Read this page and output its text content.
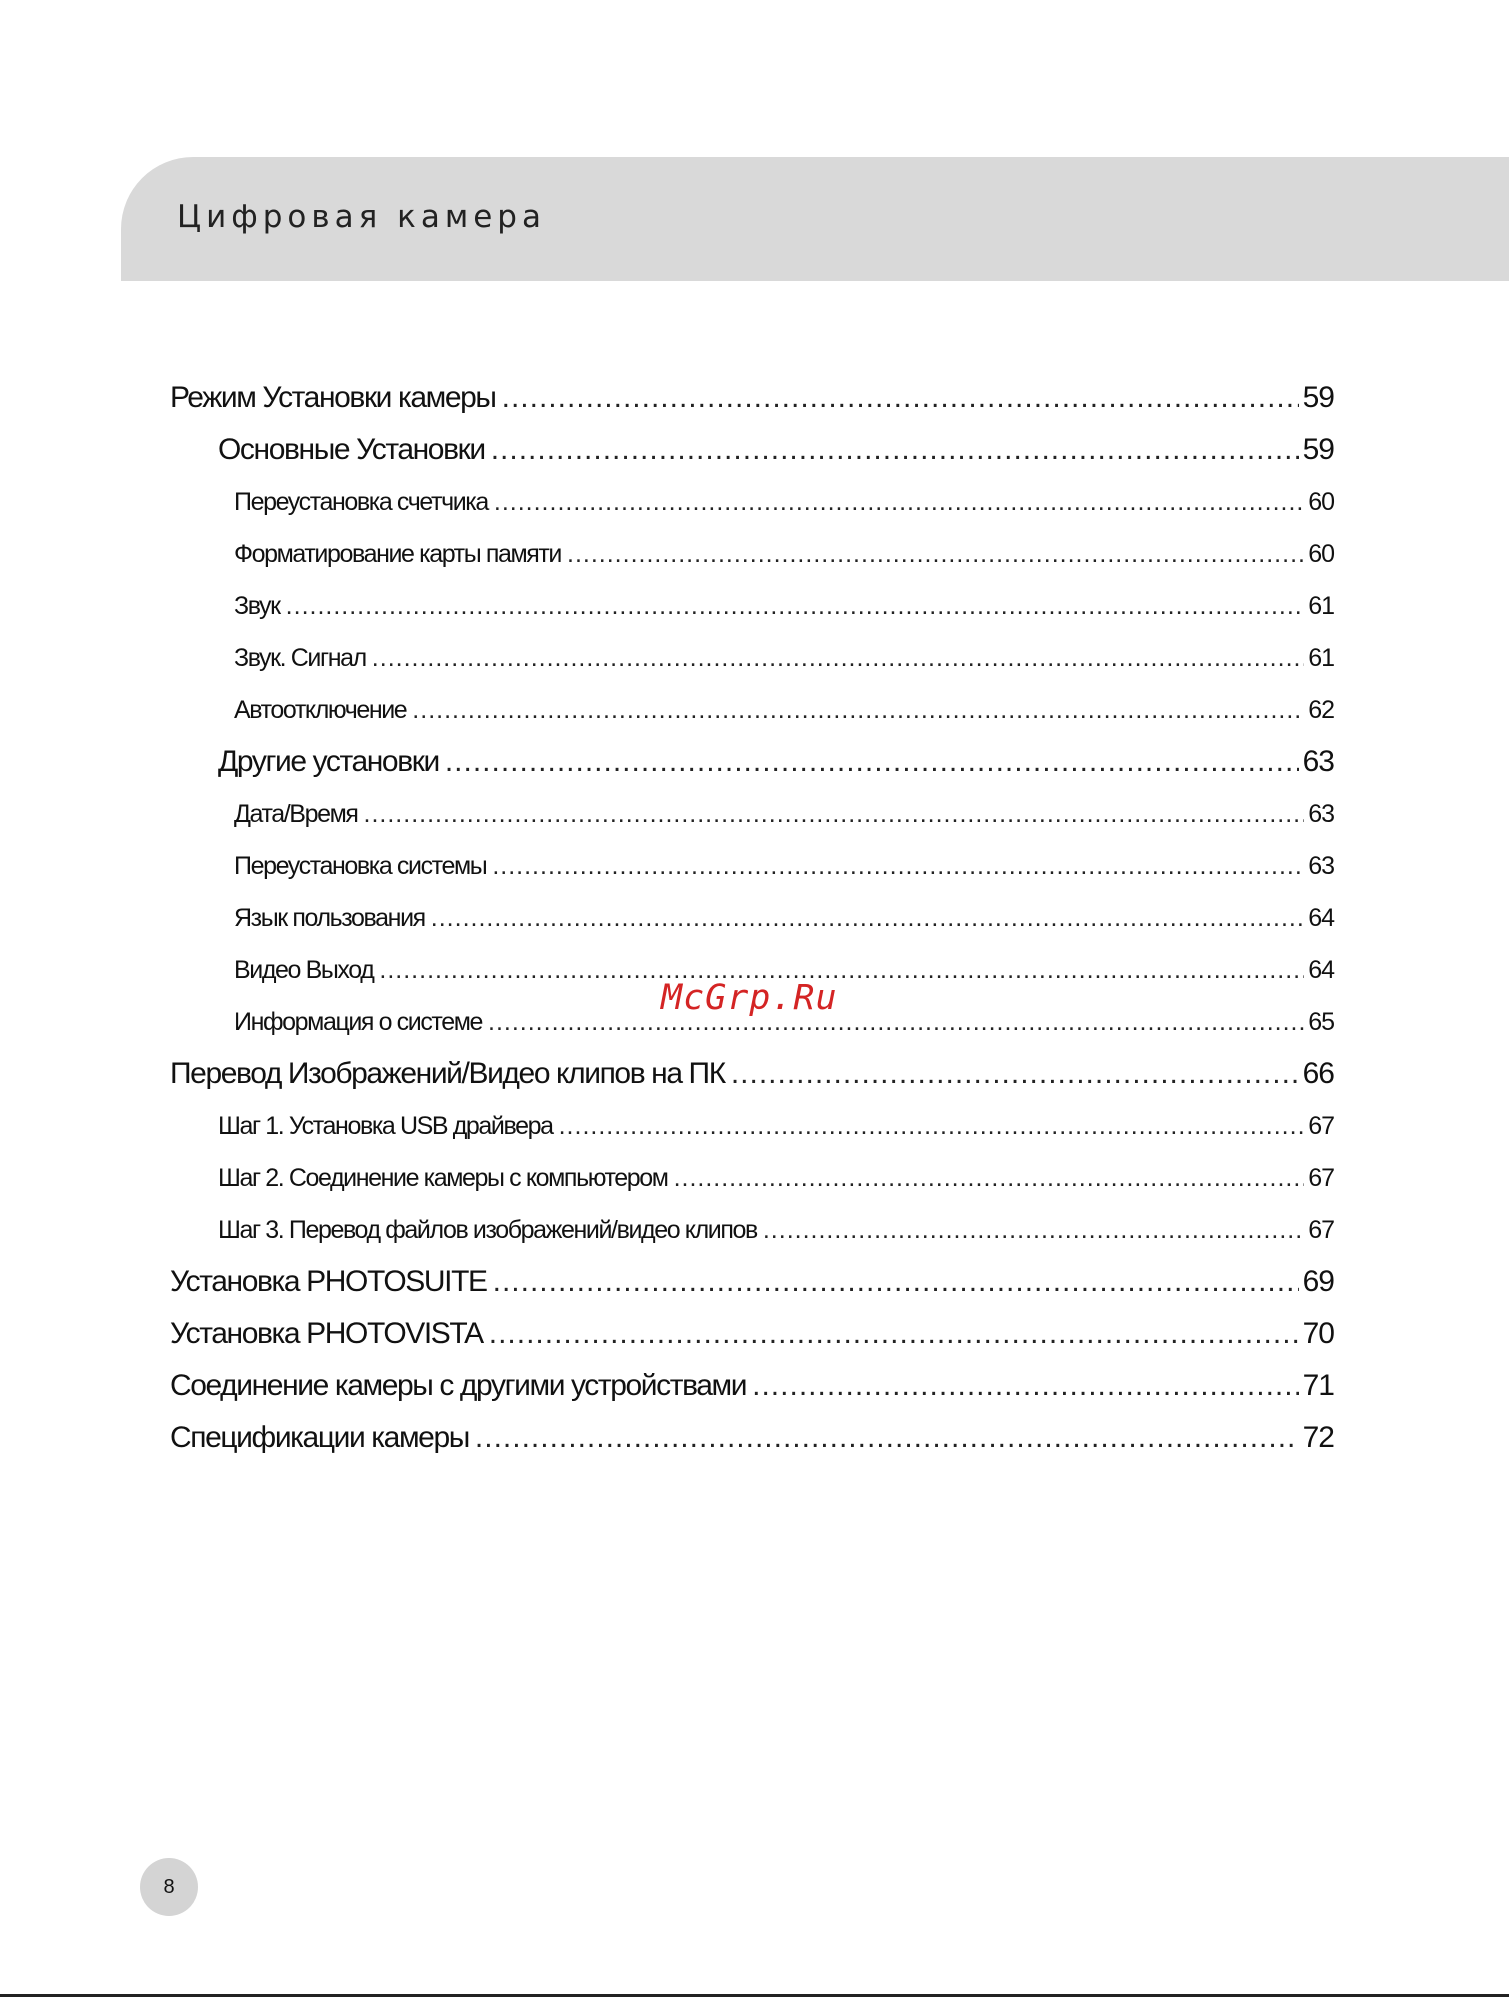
Цифровая камера
Режим Установки камеры .....	59
Основные Установки .....	59
Переустановка счетчика .....	60
Форматирование карты памяти .....	60
Звук .....	61
Звук. Сигнал .....	61
Автоотключение .....	62
Другие установки .....	63
Дата/Время .....	63
Переустановка системы .....	63
Язык пользования .....	64
Видео Выход .....	64
Информация о системе .....	65
Перевод Изображений/Видео клипов на ПК .....	66
Шаг 1. Установка USB драйвера .....	67
Шаг 2. Соединение камеры с компьютером .....	67
Шаг 3. Перевод файлов изображений/видео клипов .....	67
Установка PHOTOSUITE .....	69
Установка PHOTOVISTA .....	70
Соединение камеры с другими устройствами .....	71
Спецификации камеры .....	72
McGrp.Ru
8
